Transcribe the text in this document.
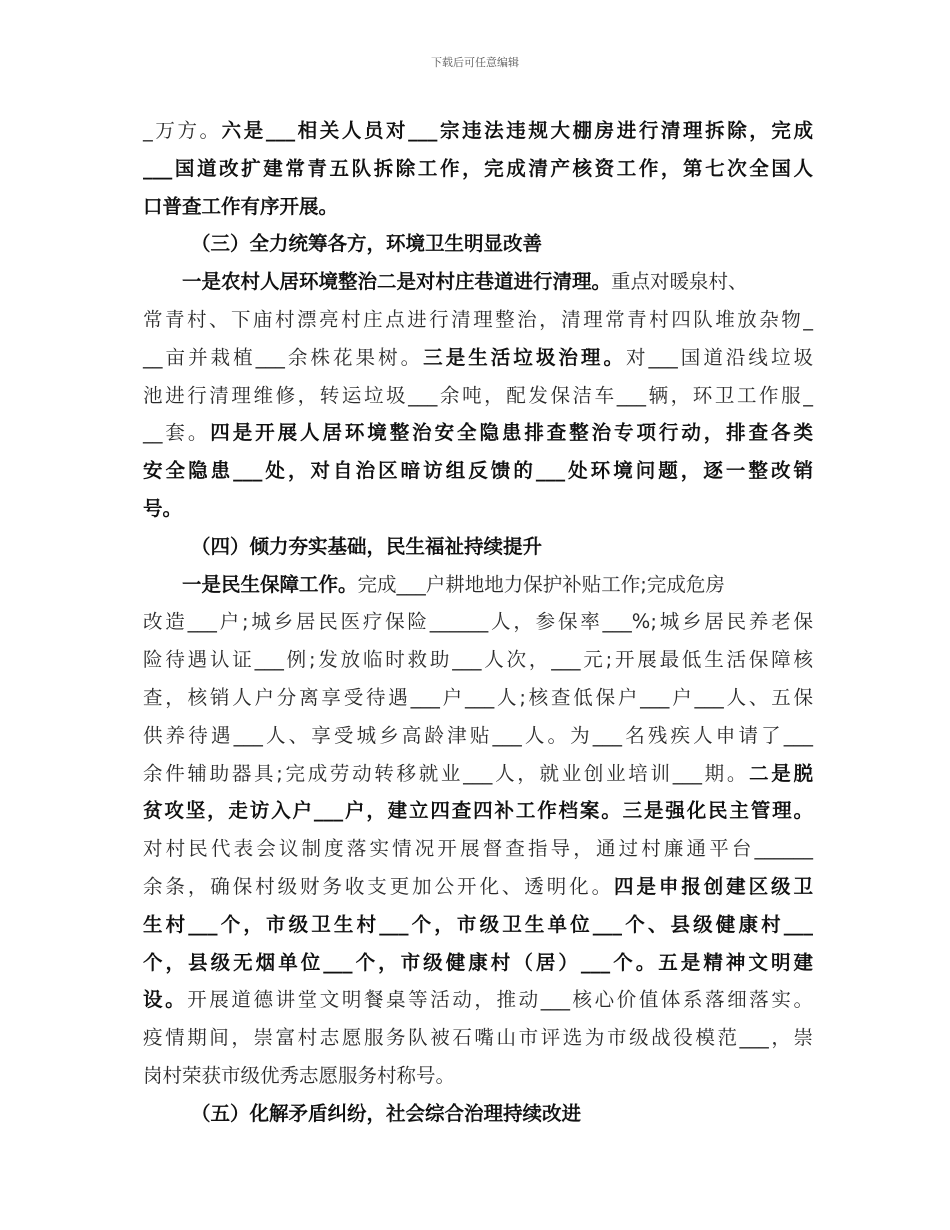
下载后可任意编辑
_万方。六是___相关人员对___宗违法违规大棚房进行清理拆除，完成
___国道改扩建常青五队拆除工作，完成清产核资工作，第七次全国人
口普查工作有序开展。
（三）全力统筹各方，环境卫生明显改善
一是农村人居环境整治二是对村庄巷道进行清理。重点对暖泉村、
常青村、下庙村漂亮村庄点进行清理整治，清理常青村四队堆放杂物_
__亩并栽植___余株花果树。三是生活垃圾治理。对___国道沿线垃圾
池进行清理维修，转运垃圾___余吨，配发保洁车___辆，环卫工作服_
__套。四是开展人居环境整治安全隐患排查整治专项行动，排查各类
安全隐患___处，对自治区暗访组反馈的___处环境问题，逐一整改销
号。
（四）倾力夯实基础，民生福祉持续提升
一是民生保障工作。完成___户耕地地力保护补贴工作;完成危房
改造___户;城乡居民医疗保险______人，参保率___%;城乡居民养老保
险待遇认证___例;发放临时救助___人次，___元;开展最低生活保障核
查，核销人户分离享受待遇___户___人;核查低保户___户___人、五保
供养待遇___人、享受城乡高龄津贴___人。为___名残疾人申请了___
余件辅助器具;完成劳动转移就业___人，就业创业培训___期。二是脱
贫攻坚，走访入户___户，建立四查四补工作档案。三是强化民主管理。
对村民代表会议制度落实情况开展督查指导，通过村廉通平台______
余条，确保村级财务收支更加公开化、透明化。四是申报创建区级卫
生村___个，市级卫生村___个，市级卫生单位___个、县级健康村___
个，县级无烟单位___个，市级健康村（居）___个。五是精神文明建
设。开展道德讲堂文明餐桌等活动，推动___核心价值体系落细落实。
疫情期间，崇富村志愿服务队被石嘴山市评选为市级战役模范___，崇
岗村荣获市级优秀志愿服务村称号。
（五）化解矛盾纠纷，社会综合治理持续改进
